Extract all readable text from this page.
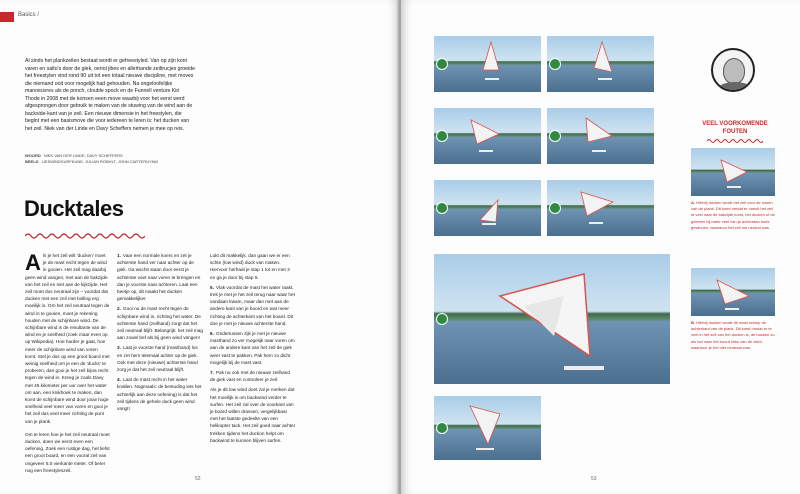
Basics /

Al sinds het plankzeilen bestaat wordt er gefreestyled. Van op zijn kont varen en salto's door de giek, oeriol jibes en allerhande zeiltrucjes groeide het freestylen vind rond 90 uit tot een totaal nieuwe discipline, met moves die niemand ooit voor mogelijk had gehouden. Na ongeloofelijke manoeuvres als de ponch, clouble spock en de Funnell venture Kiri Thode in 2008 met de konsen eeen move waarbij voor het eerst werd afgesprongen door gebruik te maken van de stuwing van de wind aan de backside-kant van je zeil. Een nieuwe dimensie in het freestylen, die begint met een basismove die voor iedereen te leren is: het ducken van het zeil. Niek van der Linde en Davy Scheffers nemen je mee op reis.

WOORD NIEK VAN DER LINDE, DAVY SCHEFFERS
BEELD LIESWINDSURFKUNE, JULIAN ROBHLT, JOHN CARTERUYNM
Ducktales
A ls je het zeil wilt 'ducken' moet je de mast recht tegen de wind in gooien. Het zeil mag daarbij geen wind vangen, met aan de bakzijde van het zeil en niet aan de kijkzijde. Het zeil moet dus neutraal zijn – voordat dat ducken met een zeil met bolling erg moeilijk is. Om het zeil neutraal tegen de wind in te gooien, moet je rekening houden met de schijnbare wind. De schijnbare wind is de resultante van de wind en je snelheid (zoek maar even op op Wikipedia). Hoe harder je gaat, hoe meer de schijnbare wind van voren komt. Stel je dus op een groot board met weinig snelheid om je een de 'ducks' te proberen, dan gooi je het zeil bijna recht tegen de wind in. Kreeg je zoals Davy met 45 kilometer per uur over het water om aan, een knikhoek te maken, dan komt de schijnbare wind door jouw hoge snelheid veel meer van voren en gooi je het zeil dus veel meer richting de punt van je plank.

Om te leren hoe je het zeil neutraal moet ducken, doen we eerst even een oefening. Zoek een rustige dag, het liefst een groot board, en een vooral zeil van ongeveer 5.0 vierkante meter. Of beter nog een freestyleszeil.

1. Vaar een normale koers en zet je achterste hand ver naar achter op de giek. Ga wschit staan door eerst je achterste voet naar voren te brengen en dan je voorste naar achteren. Laat een beetje op, dit maakt het ducken gemakkelijker.
2. Gooi nu de mast recht tegen de schijnbare wind in, richting het water. De achterste hand (zeilhand) zorgt dat het zeil neutraal blijft. Belangrijk: het zeil mag aan zowel bef als bij geen wind vangen!
3. Laat je voorste hand (masthand) los en zet hem telemaal achter op de giek. Ook met deze (nieuwe) achterste hand zorg je dat het zeil neutraal blijft.
4. Laat de mast recht in het water knallen. Nogmaals: de bestuding iets het achterlijk aan deze oefening) is dat het zeil tijdens de gehele duck geen wind vangt!

Lukt dit makkelijk, dan gaan we er een schte (low wind) duck van maken. Hiervoor herhaal je stap 1 tot en met 3 en ga je door bij stap 5.

5. Vlak voordat de mast het water raakt, trek je met je het zeil terug naar waar het vandaan kwam, maar dan met aan de andere kant van je boord en wat meer richting de achterkant van het board. Dit doe je met je nieuwe achterste hand.
6. Ondertussen zijk je met je nieuwe masthand zo ver mogelijk naar voren om aan de andere kant van het zeil de giek weer vast te pakken. Pak hem zo dicht mogelijk bij de mast vast.
7. Pak nu ook met de nieuwe zeilhand de giek vast en controleer je zeil.

Als je dit low wind doet zal je merken dat het moeilijk is om backwind verder te surfen. Het zeil zal over de voorkant van je board willen drassen, vergelijkbaar met het laatste gedeelte van een helikopter tack. Het zeil goed naar achter trekken tijdens het duckon helpt om backwind te kunnen blijven surfen.

52
VEEL VOORKOMENDE FOUTEN
A. Hierbij ducken wordt het zeil voor de nosen van de plank. Dit komt omdat er vanuit het zeil te veel naar de bakzijde komt, het ducken of de gelehen bij harte veel van je achteraan hoek gewinnen, waardoor het zeil nie neutral was.
B. Hierbij ducken wordt de mast schuip de achterkant van de plank. Dit komt omdat er te veel in het zeil van het ducken is, de backen zo als het naar het boord links van de wind, waardoor je het niet neutraal was.
53
